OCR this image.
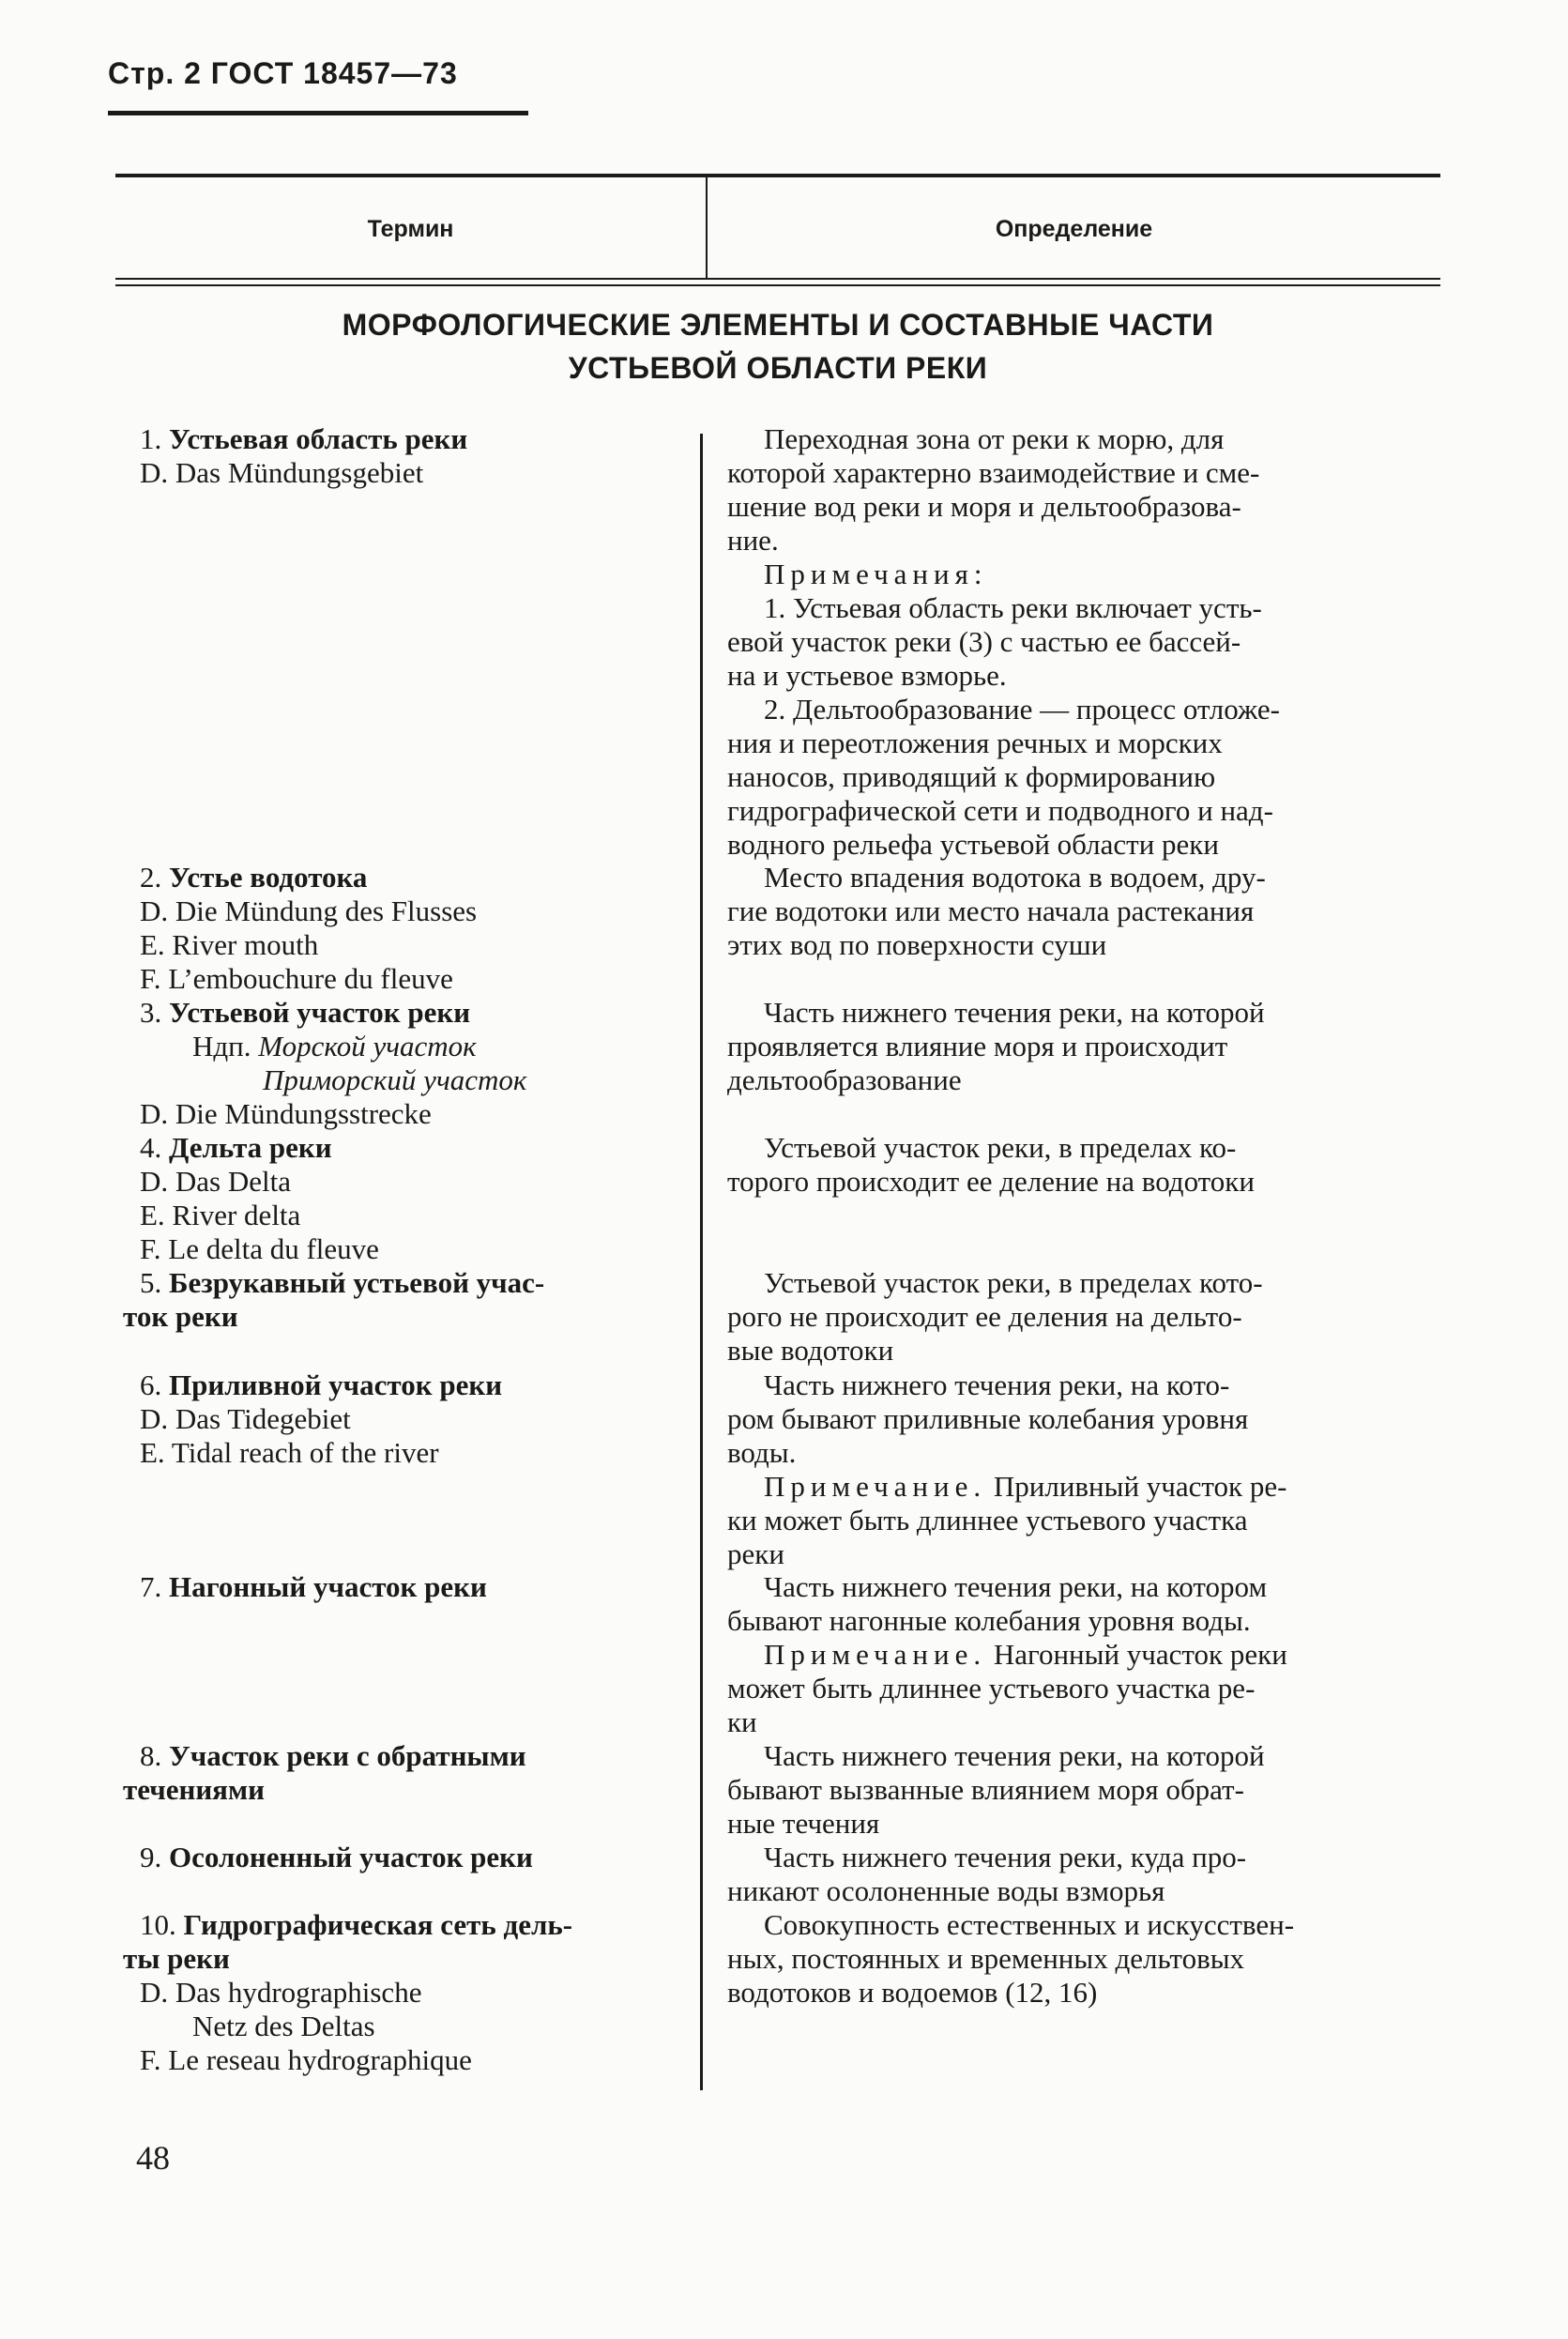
Стр. 2 ГОСТ 18457—73
Термин	Определение
МОРФОЛОГИЧЕСКИЕ ЭЛЕМЕНТЫ И СОСТАВНЫЕ ЧАСТИ
УСТЬЕВОЙ ОБЛАСТИ РЕКИ
1. Устьевая область реки
D. Das Mündungsgebiet
2. Устье водотока
D. Die Mündung des Flusses
E. River mouth
F. L’embouchure du fleuve
3. Устьевой участок реки
Ндп. Морской участок
Приморский участок
D. Die Mündungsstrecke
4. Дельта реки
D. Das Delta
E. River delta
F. Le delta du fleuve
5. Безрукавный устьевой учас-
ток реки
6. Приливной участок реки
D. Das Tidegebiet
E. Tidal reach of the river
7. Нагонный участок реки
8. Участок реки с обратными
течениями
9. Осолоненный участок реки
10. Гидрографическая сеть дель-
ты реки
D. Das hydrographische
Netz des Deltas
F. Le reseau hydrographique
Переходная зона от реки к морю, для
которой характерно взаимодействие и сме-
шение вод реки и моря и дельтообразова-
ние.
Примечания:
1. Устьевая область реки включает усть-
евой участок реки (3) с частью ее бассей-
на и устьевое взморье.
2. Дельтообразование — процесс отложе-
ния и переотложения речных и морских
наносов, приводящий к формированию
гидрографической сети и подводного и над-
водного рельефа устьевой области реки
Место впадения водотока в водоем, дру-
гие водотоки или место начала растекания
этих вод по поверхности суши
Часть нижнего течения реки, на которой
проявляется влияние моря и происходит
дельтообразование
Устьевой участок реки, в пределах ко-
торого происходит ее деление на водотоки
Устьевой участок реки, в пределах кото-
рого не происходит ее деления на дельто-
вые водотоки
Часть нижнего течения реки, на кото-
ром бывают приливные колебания уровня
воды.
Примечание. Приливный участок ре-
ки может быть длиннее устьевого участка
реки
Часть нижнего течения реки, на котором
бывают нагонные колебания уровня воды.
Примечание. Нагонный участок реки
может быть длиннее устьевого участка ре-
ки
Часть нижнего течения реки, на которой
бывают вызванные влиянием моря обрат-
ные течения
Часть нижнего течения реки, куда про-
никают осолоненные воды взморья
Совокупность естественных и искусствен-
ных, постоянных и временных дельтовых
водотоков и водоемов (12, 16)
48
